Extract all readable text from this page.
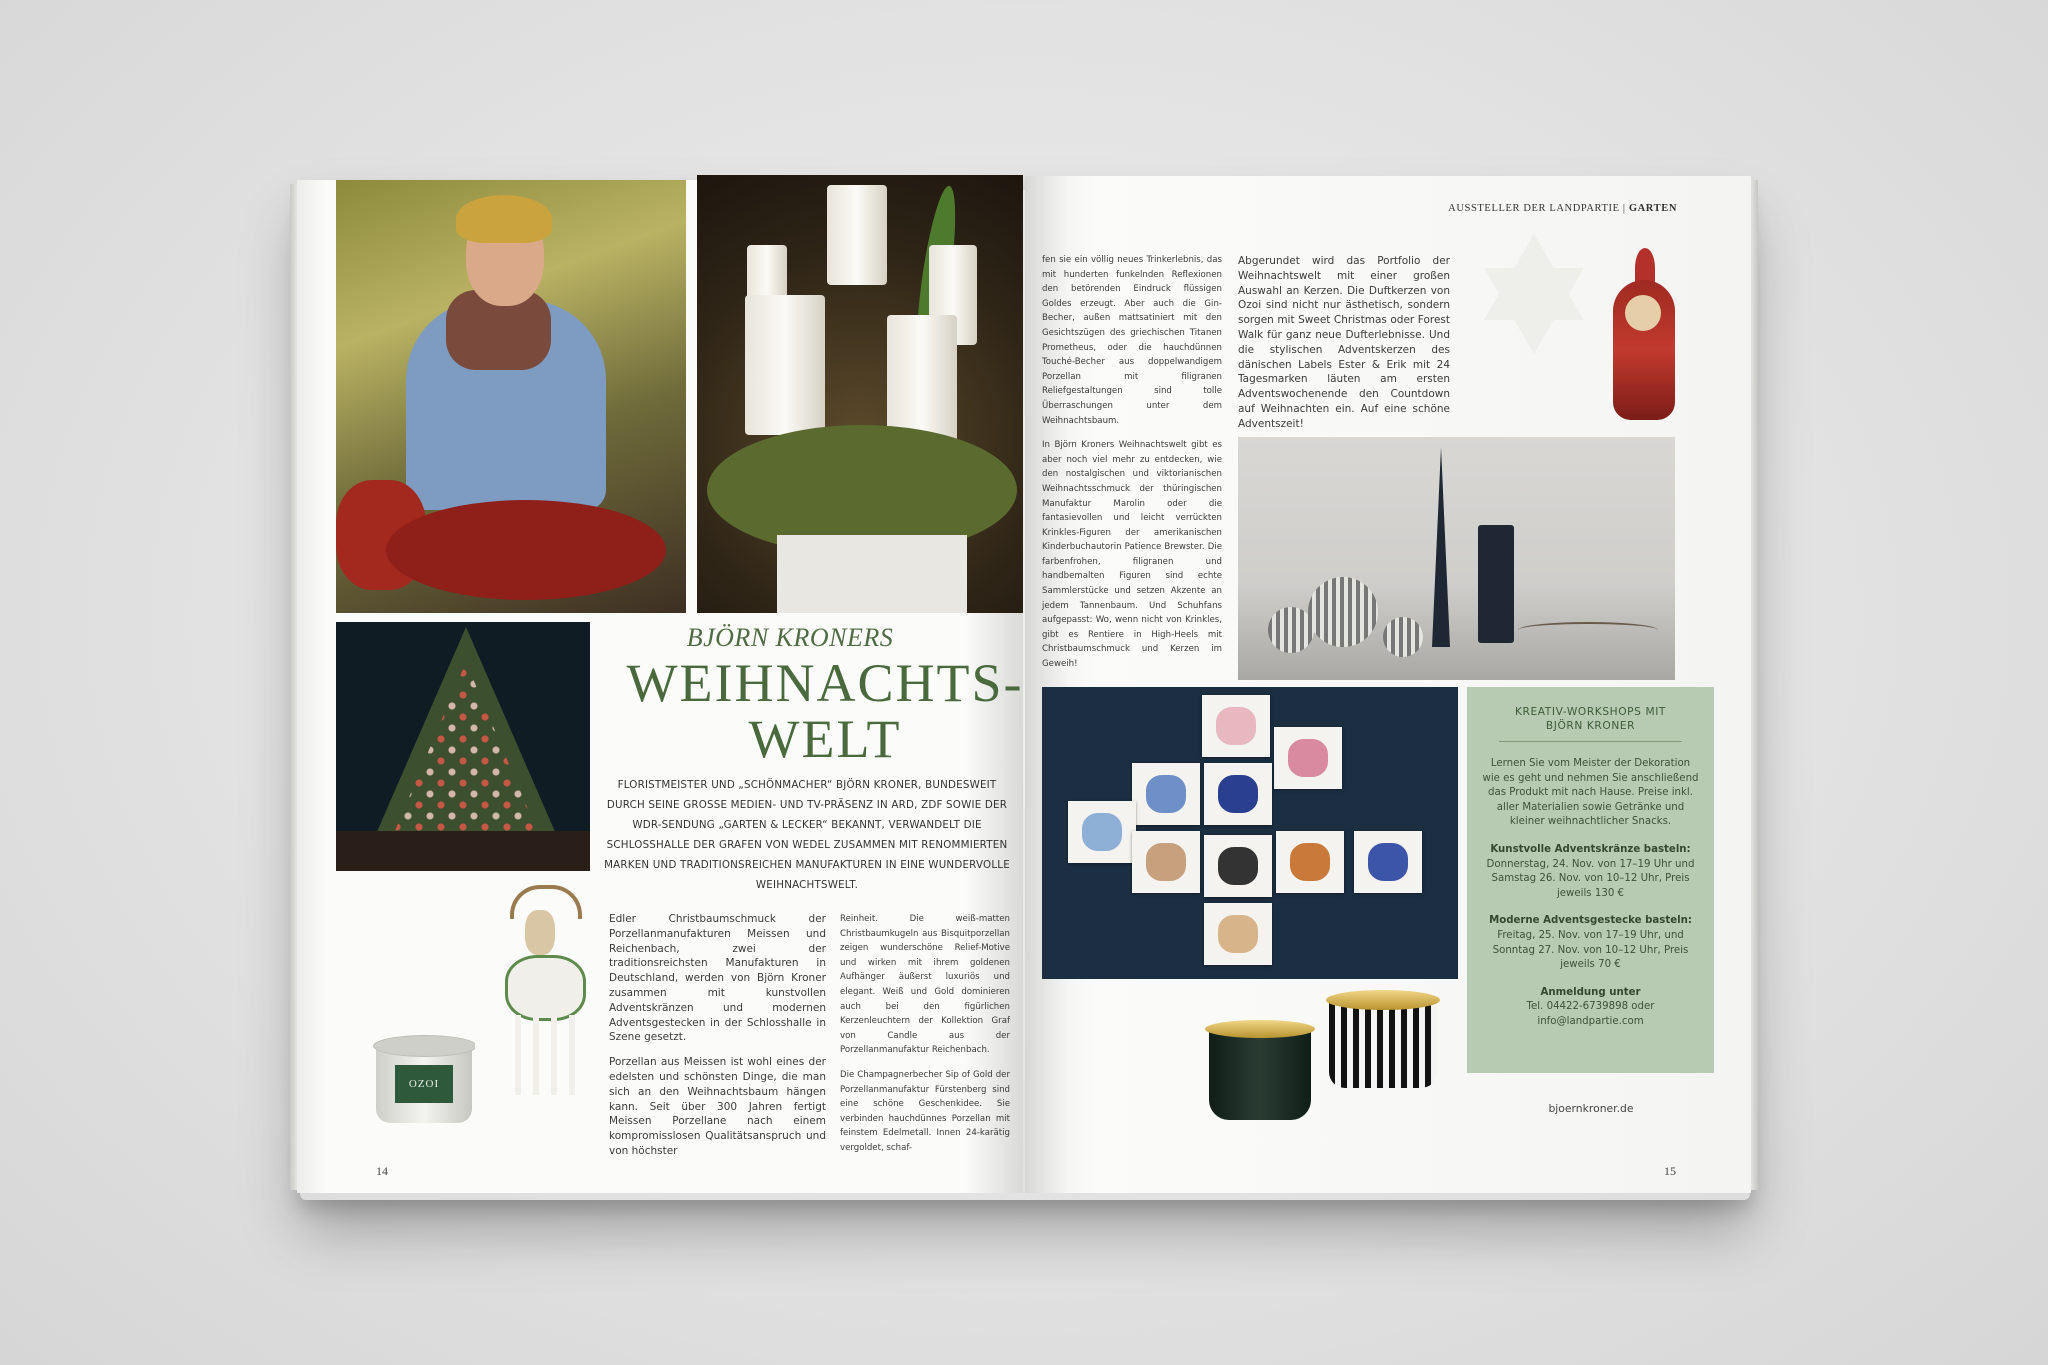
BJÖRN KRONERS
WEIHNACHTS-
WELT
FLORISTMEISTER UND „SCHÖNMACHER“ BJÖRN KRONER, BUNDESWEIT DURCH SEINE GROSSE MEDIEN- UND TV-PRÄSENZ IN ARD, ZDF SOWIE DER WDR-SENDUNG „GARTEN & LECKER“ BEKANNT, VERWANDELT DIE SCHLOSSHALLE DER GRAFEN VON WEDEL ZUSAMMEN MIT RENOMMIERTEN MARKEN UND TRADITIONSREICHEN MANUFAKTUREN IN EINE WUNDERVOLLE WEIHNACHTSWELT.
OZOI

Edler Christbaumschmuck der Porzellanmanufakturen Meissen und Reichenbach, zwei der traditionsreichsten Manufakturen in Deutschland, werden von Björn Kroner zusammen mit kunstvollen Adventskränzen und modernen Adventsgestecken in der Schlosshalle in Szene gesetzt.

Porzellan aus Meissen ist wohl eines der edelsten und schönsten Dinge, die man sich an den Weihnachtsbaum hängen kann. Seit über 300 Jahren fertigt Meissen Porzellane nach einem kompromisslosen Qualitätsanspruch und von höchster

Reinheit. Die weiß-matten Christbaumkugeln aus Bisquitporzellan zeigen wunderschöne Relief-Motive und wirken mit ihrem goldenen Aufhänger äußerst luxuriös und elegant. Weiß und Gold dominieren auch bei den figürlichen Kerzenleuchtern der Kollektion Graf von Candle aus der Porzellanmanufaktur Reichenbach.

Die Champagnerbecher Sip of Gold der Porzellanmanufaktur Fürstenberg sind eine schöne Geschenkidee. Sie verbinden hauchdünnes Porzellan mit feinstem Edelmetall. Innen 24-karätig vergoldet, schaf-

14
AUSSTELLER DER LANDPARTIE | GARTEN

fen sie ein völlig neues Trinkerlebnis, das mit hunderten funkelnden Reflexionen den betörenden Eindruck flüssigen Goldes erzeugt. Aber auch die Gin-Becher, außen mattsatiniert mit den Gesichtszügen des griechischen Titanen Prometheus, oder die hauchdünnen Touché-Becher aus doppelwandigem Porzellan mit filigranen Reliefgestaltungen sind tolle Überraschungen unter dem Weihnachtsbaum.

In Björn Kroners Weihnachtswelt gibt es aber noch viel mehr zu entdecken, wie den nostalgischen und viktorianischen Weihnachtsschmuck der thüringischen Manufaktur Marolin oder die fantasievollen und leicht verrückten Krinkles-Figuren der amerikanischen Kinderbuchautorin Patience Brewster. Die farbenfrohen, filigranen und handbemalten Figuren sind echte Sammlerstücke und setzen Akzente an jedem Tannenbaum. Und Schuhfans aufgepasst: Wo, wenn nicht von Krinkles, gibt es Rentiere in High-Heels mit Christbaumschmuck und Kerzen im Geweih!

Abgerundet wird das Portfolio der Weihnachtswelt mit einer großen Auswahl an Kerzen. Die Duftkerzen von Ozoi sind nicht nur ästhetisch, sondern sorgen mit Sweet Christmas oder Forest Walk für ganz neue Dufterlebnisse. Und die stylischen Adventskerzen des dänischen Labels Ester & Erik mit 24 Tagesmarken läuten am ersten Adventswochenende den Countdown auf Weihnachten ein. Auf eine schöne Adventszeit!

KREATIV-WORKSHOPS MIT
BJÖRN KRONER

Lernen Sie vom Meister der Dekoration wie es geht und nehmen Sie anschließend das Produkt mit nach Hause. Preise inkl. aller Materialien sowie Getränke und kleiner weihnachtlicher Snacks.

Kunstvolle Adventskränze basteln:
Donnerstag, 24. Nov. von 17–19 Uhr und Samstag 26. Nov. von 10–12 Uhr, Preis jeweils 130 €

Moderne Adventsgestecke basteln:
Freitag, 25. Nov. von 17–19 Uhr, und Sonntag 27. Nov. von 10–12 Uhr, Preis jeweils 70 €

Anmeldung unter
Tel. 04422-6739898 oder info@landpartie.com

bjoernkroner.de
15
